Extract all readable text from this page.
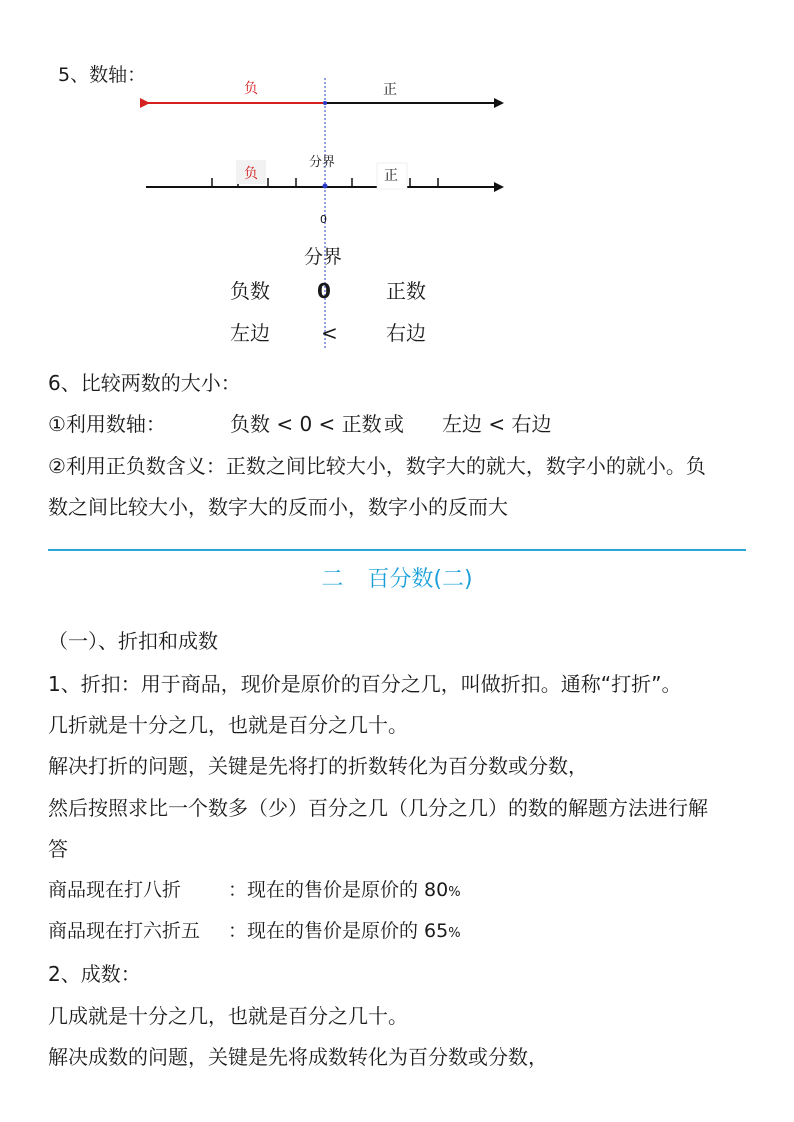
5、数轴：
负	正
负	正
分界
0
分界
负数 0	正数
左边	< 右边
6、比较两数的大小：
①利用数轴：	负数 < 0 < 正数 或 左边 < 右边
②利用正负数含义：正数之间比较大小，数字大的就大，数字小的就小。负
数之间比较大小，数字大的反而小，数字小的反而大
二 百分数(二)
（一）、折扣和成数
1、折扣：用于商品，现价是原价的百分之几，叫做折扣。通称“打折”。
几折就是十分之几，也就是百分之几十。
解决打折的问题，关键是先将打的折数转化为百分数或分数，
然后按照求比一个数多（少）百分之几（几分之几）的数的解题方法进行解
答
商品现在打八折 ：现在的售价是原价的 80%
商品现在打六折五 ：现在的售价是原价的 65%
2、成数：
几成就是十分之几，也就是百分之几十。
解决成数的问题，关键是先将成数转化为百分数或分数，
